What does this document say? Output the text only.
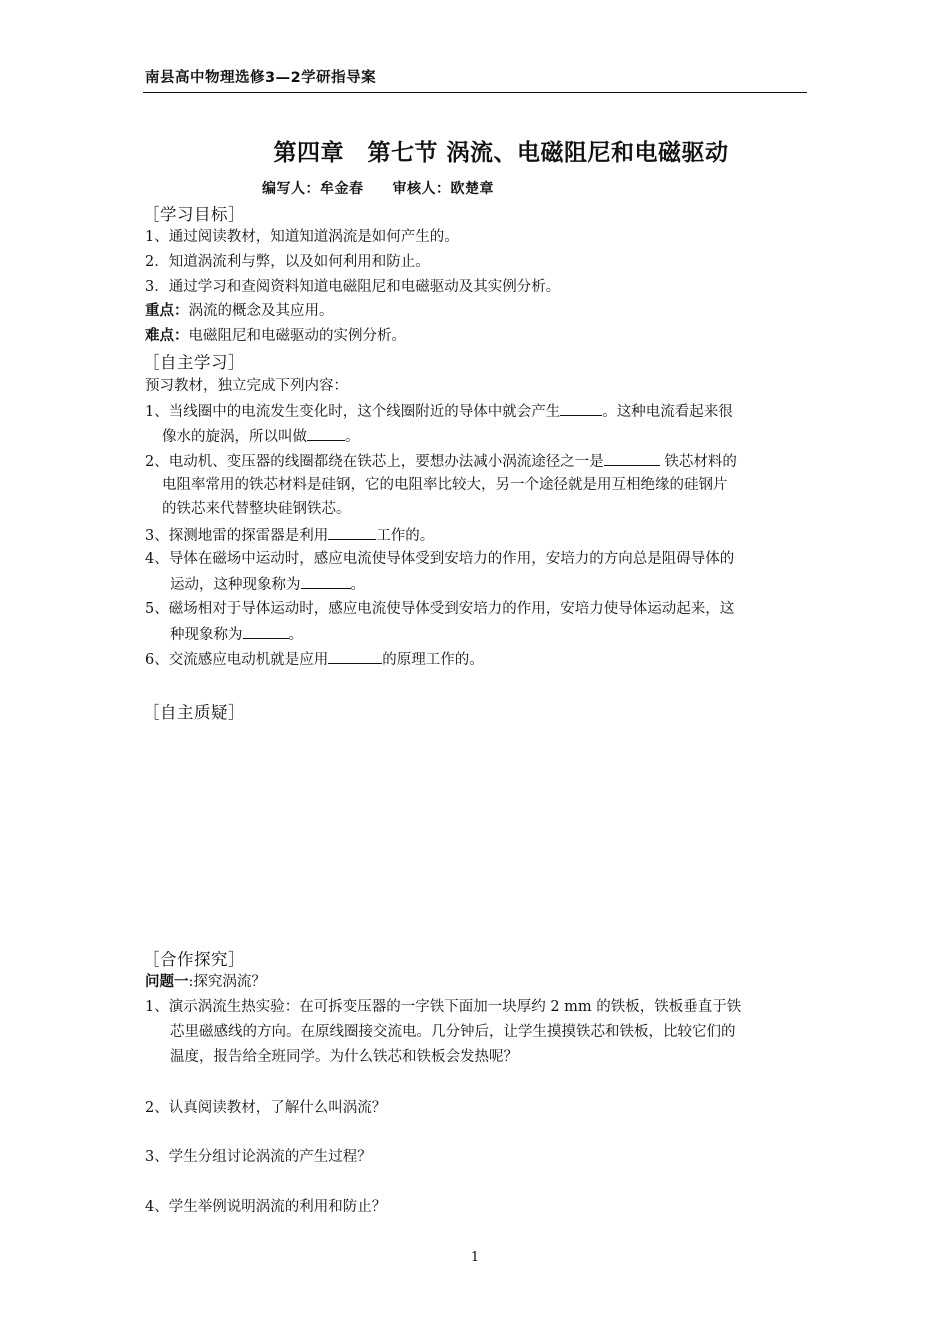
南县高中物理选修3—2学研指导案
第四章　第七节 涡流、电磁阻尼和电磁驱动
编写人：牟金春　　审核人：欧楚章
［学习目标］
1、通过阅读教材，知道知道涡流是如何产生的。
2．知道涡流利与弊，以及如何利用和防止。
3．通过学习和查阅资料知道电磁阻尼和电磁驱动及其实例分析。
重点：涡流的概念及其应用。
难点：电磁阻尼和电磁驱动的实例分析。
［自主学习］
预习教材，独立完成下列内容：
1、当线圈中的电流发生变化时，这个线圈附近的导体中就会产生	。这种电流看起来很
像水的旋涡，所以叫做	。
2、电动机、变压器的线圈都绕在铁芯上，要想办法减小涡流途径之一是	铁芯材料的
电阻率常用的铁芯材料是硅钢，它的电阻率比较大，另一个途径就是用互相绝缘的硅钢片
的铁芯来代替整块硅钢铁芯。
3、探测地雷的探雷器是利用	工作的。
4、导体在磁场中运动时，感应电流使导体受到安培力的作用，安培力的方向总是阻碍导体的
运动，这种现象称为	。
5、磁场相对于导体运动时，感应电流使导体受到安培力的作用，安培力使导体运动起来，这
种现象称为	。
6、交流感应电动机就是应用	的原理工作的。
［自主质疑］
［合作探究］
问题一:探究涡流？
1、演示涡流生热实验：在可拆变压器的一字铁下面加一块厚约 2 mm 的铁板，铁板垂直于铁
芯里磁感线的方向。在原线圈接交流电。几分钟后，让学生摸摸铁芯和铁板，比较它们的
温度，报告给全班同学。为什么铁芯和铁板会发热呢？
2、认真阅读教材，了解什么叫涡流？
3、学生分组讨论涡流的产生过程？
4、学生举例说明涡流的利用和防止？
1
